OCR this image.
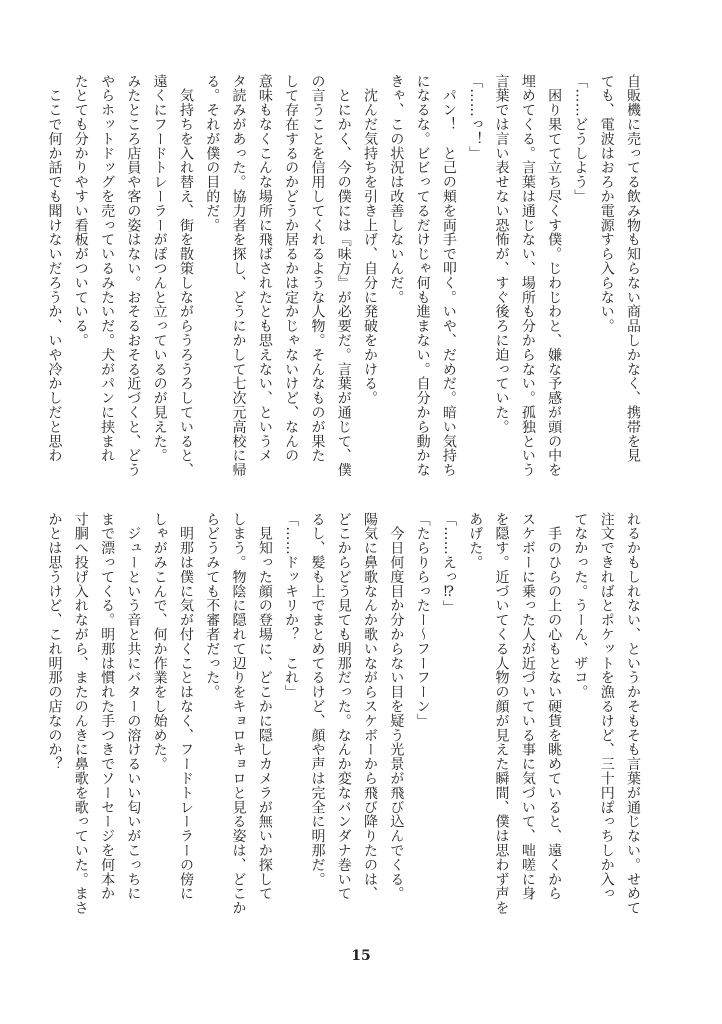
自販機に売ってる飲み物も知らない商品しかなく、携帯を見
ても、電波はおろか電源すら入らない。
「……どうしよう」
　困り果てて立ち尽くす僕。じわじわと、嫌な予感が頭の中を
埋めてくる。言葉は通じない、場所も分からない。孤独という
言葉では言い表せない恐怖が、すぐ後ろに迫っていた。
「……っ！」
　パン！　と己の頬を両手で叩く。いや、だめだ。暗い気持ち
になるな。ビビってるだけじゃ何も進まない。自分から動かな
きゃ、この状況は改善しないんだ。
　沈んだ気持ちを引き上げ、自分に発破をかける。
　とにかく、今の僕には『味方』が必要だ。言葉が通じて、僕
の言うことを信用してくれるような人物。そんなものが果た
して存在するのかどうか居るかは定かじゃないけど、なんの
意味もなくこんな場所に飛ばされたとも思えない、というメ
タ読みがあった。協力者を探し、どうにかして七次元高校に帰
る。それが僕の目的だ。
　気持ちを入れ替え、街を散策しながらうろうろしていると、
遠くにフードトレーラーがぽつんと立っているのが見えた。
みたところ店員や客の姿はない。おそるおそる近づくと、どう
やらホットドッグを売っているみたいだ。犬がパンに挟まれ
たとても分かりやすい看板がついている。
　ここで何か話でも聞けないだろうか、いや冷かしだと思わ
れるかもしれない、というかそもそも言葉が通じない。せめて
注文できればとポケットを漁るけど、三十円ぽっちしか入っ
てなかった。うーん、ザコ。
　手のひらの上の心もとない硬貨を眺めていると、遠くから
スケボーに乗った人が近づいている事に気づいて、咄嗟に身
を隠す。近づいてくる人物の顔が見えた瞬間、僕は思わず声を
あげた。
「……えっ⁉」
「たらりらったー〜フーフーン」
　今日何度目か分からない目を疑う光景が飛び込んでくる。
陽気に鼻歌なんか歌いながらスケボーから飛び降りたのは、
どこからどう見ても明那だった。なんか変なバンダナ巻いて
るし、髪も上でまとめてるけど、顔や声は完全に明那だ。
「……ドッキリか？　これ」
　見知った顔の登場に、どこかに隠しカメラが無いか探して
しまう。物陰に隠れて辺りをキョロキョロと見る姿は、どこか
らどうみても不審者だった。
　明那は僕に気が付くことはなく、フードトレーラーの傍に
しゃがみこんで、何か作業をし始めた。
　ジューという音と共にバターの溶けるいい匂いがこっちに
まで漂ってくる。明那は慣れた手つきでソーセージを何本か
寸胴へ投げ入れながら、またのんきに鼻歌を歌っていた。まさ
かとは思うけど、これ明那の店なのか？
15
